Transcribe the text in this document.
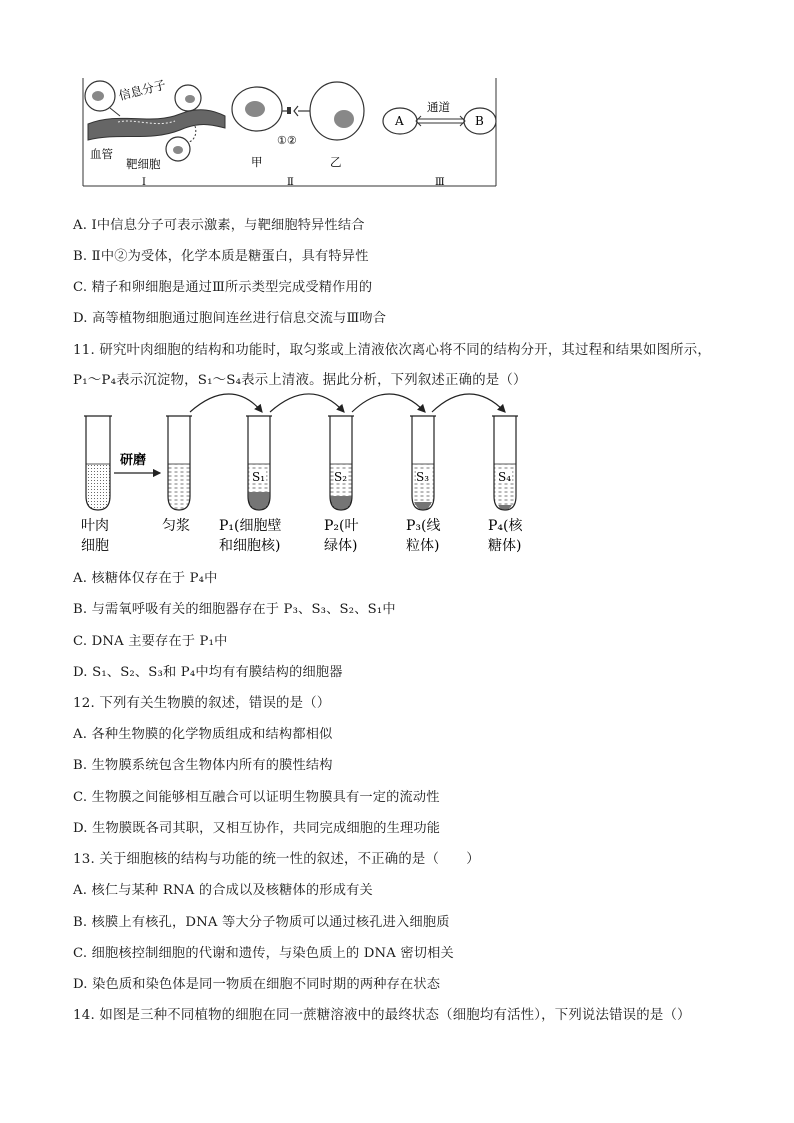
信息分子
血管
靶细胞
Ⅰ
①②
甲	乙
Ⅱ
A	B
通道
Ⅲ
A. Ⅰ中信息分子可表示激素，与靶细胞特异性结合
B. Ⅱ中②为受体，化学本质是糖蛋白，具有特异性
C. 精子和卵细胞是通过Ⅲ所示类型完成受精作用的
D. 高等植物细胞通过胞间连丝进行信息交流与Ⅲ吻合
11. 研究叶肉细胞的结构和功能时，取匀浆或上清液依次离心将不同的结构分开，其过程和结果如图所示，
P₁～P₄表示沉淀物，S₁～S₄表示上清液。据此分析，下列叙述正确的是（）
叶肉
细胞
研磨
匀浆
S₁
P₁(细胞壁
和细胞核)
S₂
P₂(叶
绿体)
S₃
P₃(线
粒体)
S₄
P₄(核
糖体)
A. 核糖体仅存在于 P₄中
B. 与需氧呼吸有关的细胞器存在于 P₃、S₃、S₂、S₁中
C. DNA 主要存在于 P₁中
D. S₁、S₂、S₃和 P₄中均有有膜结构的细胞器
12. 下列有关生物膜的叙述，错误的是（）
A. 各种生物膜的化学物质组成和结构都相似
B. 生物膜系统包含生物体内所有的膜性结构
C. 生物膜之间能够相互融合可以证明生物膜具有一定的流动性
D. 生物膜既各司其职，又相互协作，共同完成细胞的生理功能
13. 关于细胞核的结构与功能的统一性的叙述，不正确的是（　　）
A. 核仁与某种 RNA 的合成以及核糖体的形成有关
B. 核膜上有核孔，DNA 等大分子物质可以通过核孔进入细胞质
C. 细胞核控制细胞的代谢和遗传，与染色质上的 DNA 密切相关
D. 染色质和染色体是同一物质在细胞不同时期的两种存在状态
14. 如图是三种不同植物的细胞在同一蔗糖溶液中的最终状态（细胞均有活性），下列说法错误的是（）
